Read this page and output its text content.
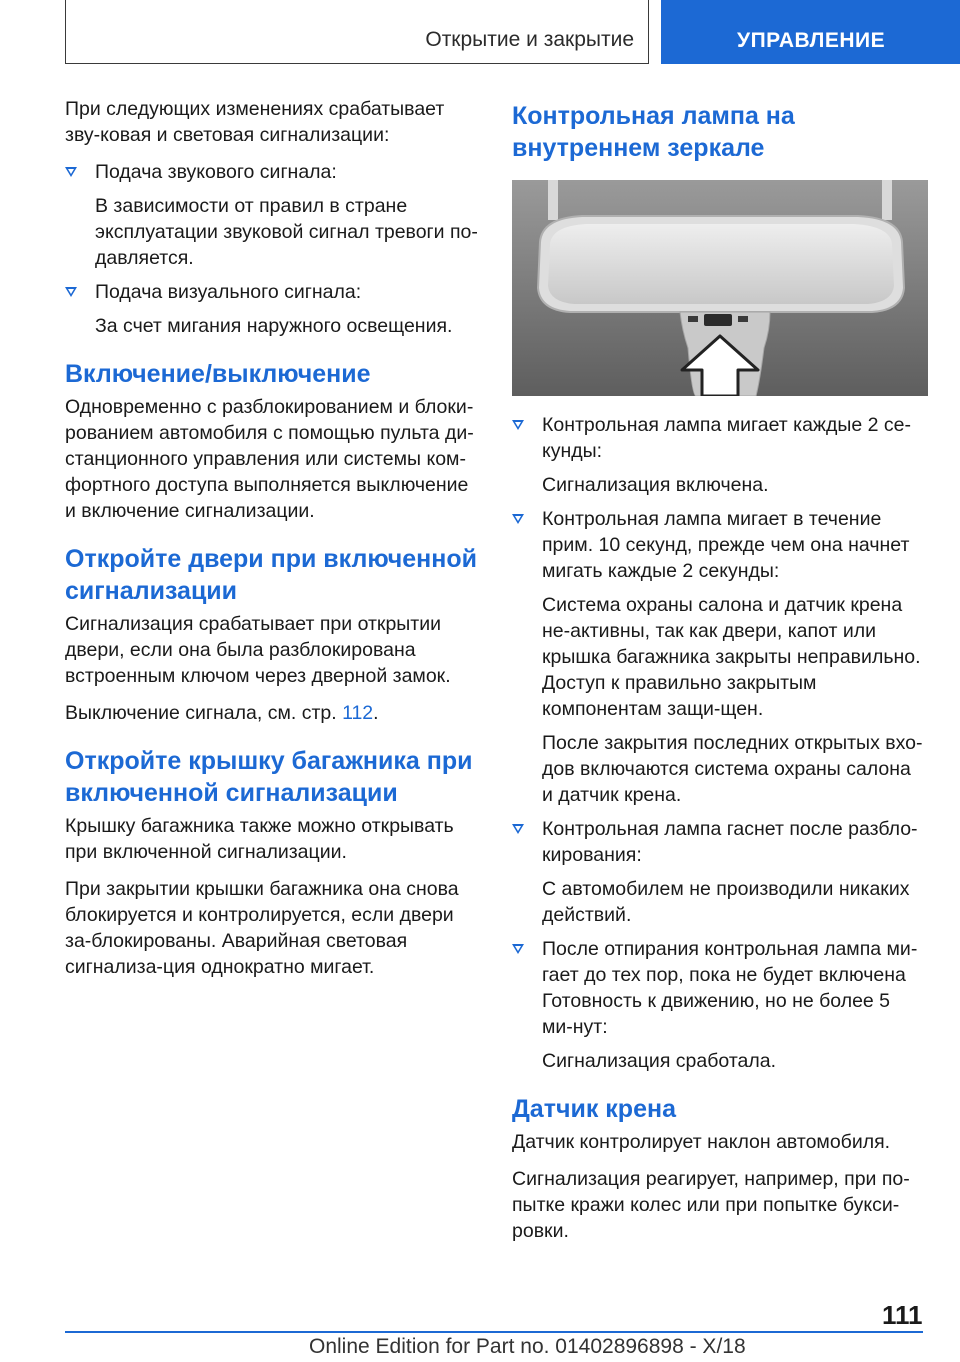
Открытие и закрытие	УПРАВЛЕНИЕ

При следующих изменениях срабатывает зву-ковая и световая сигнализации:

Подача звукового сигнала:

В зависимости от правил в стране эксплуатации звуковой сигнал тревоги по-давляется.

Подача визуального сигнала:

За счет мигания наружного освещения.

Включение/выключение

Одновременно с разблокированием и блоки-рованием автомобиля с помощью пульта ди-станционного управления или системы ком-фортного доступа выполняется выключение и включение сигнализации.

Откройте двери при включенной сигнализации

Сигнализация срабатывает при открытии двери, если она была разблокирована встроенным ключом через дверной замок.

Выключение сигнала, см. стр. 112.

Откройте крышку багажника при включенной сигнализации

Крышку багажника также можно открывать при включенной сигнализации.

При закрытии крышки багажника она снова блокируется и контролируется, если двери за-блокированы. Аварийная световая сигнализа-ция однократно мигает.

Контрольная лампа на внутреннем зеркале

Контрольная лампа мигает каждые 2 се-кунды:

Сигнализация включена.

Контрольная лампа мигает в течение прим. 10 секунд, прежде чем она начнет мигать каждые 2 секунды:

Система охраны салона и датчик крена не-активны, так как двери, капот или крышка багажника закрыты неправильно. Доступ к правильно закрытым компонентам защи-щен.

После закрытия последних открытых вхо-дов включаются система охраны салона и датчик крена.

Контрольная лампа гаснет после разбло-кирования:

С автомобилем не производили никаких действий.

После отпирания контрольная лампа ми-гает до тех пор, пока не будет включена Готовность к движению, но не более 5 ми-нут:

Сигнализация сработала.

Датчик крена

Датчик контролирует наклон автомобиля.

Сигнализация реагирует, например, при по-пытке кражи колес или при попытке букси-ровки.

111
Online Edition for Part no. 01402896898 - X/18
